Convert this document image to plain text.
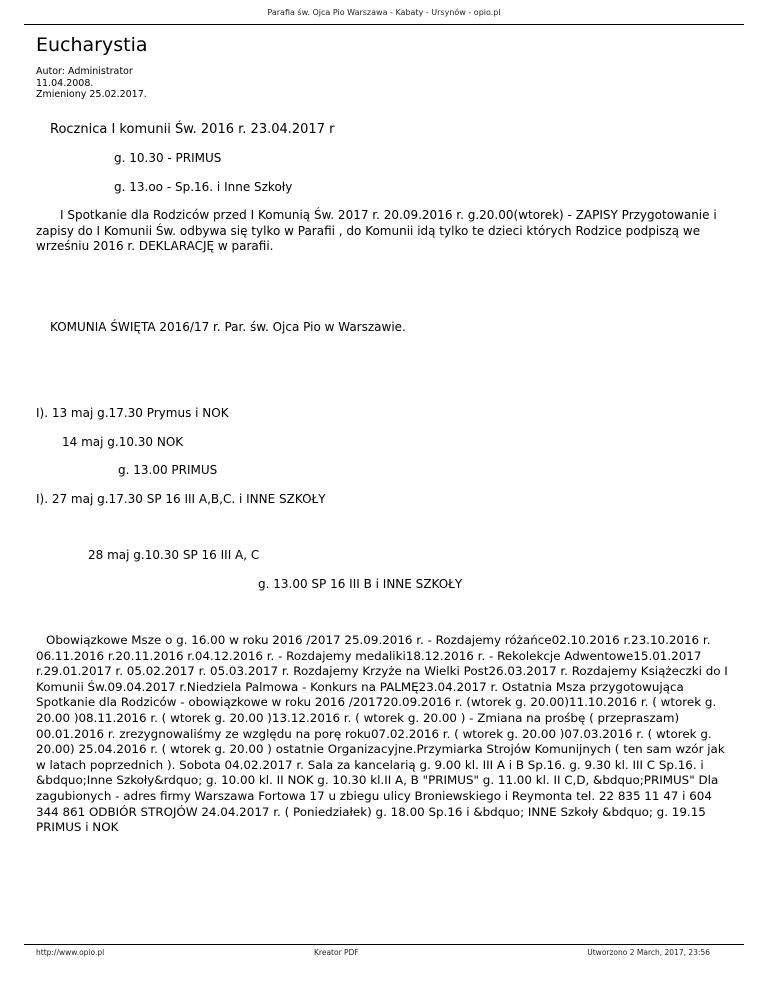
Parafia św. Ojca Pio Warszawa - Kabaty - Ursynów - opio.pl
Eucharystia
Autor: Administrator
11.04.2008.
Zmieniony 25.02.2017.
Rocznica I komunii Św. 2016 r. 23.04.2017 r
g. 10.30 - PRIMUS
g. 13.oo - Sp.16. i Inne Szkoły
I Spotkanie dla Rodziców przed I Komunią Św. 2017 r. 20.09.2016 r. g.20.00(wtorek) - ZAPISY Przygotowanie i zapisy do I Komunii Św. odbywa się tylko w Parafii , do Komunii idą tylko te dzieci których Rodzice podpiszą we wrześniu 2016 r. DEKLARACJĘ w parafii.
KOMUNIA ŚWIĘTA 2016/17 r. Par. św. Ojca Pio w Warszawie.
I). 13 maj g.17.30 Prymus i NOK
14 maj g.10.30 NOK
g. 13.00 PRIMUS
I). 27 maj g.17.30 SP 16 III A,B,C. i INNE SZKOŁY
28 maj g.10.30 SP 16 III A, C
g. 13.00 SP 16 III B i INNE SZKOŁY
Obowiązkowe Msze o g. 16.00 w roku 2016 /2017 25.09.2016 r. - Rozdajemy różańce02.10.2016 r.23.10.2016 r. 06.11.2016 r.20.11.2016 r.04.12.2016 r. - Rozdajemy medaliki18.12.2016 r. - Rekolekcje Adwentowe15.01.2017 r.29.01.2017 r. 05.02.2017 r. 05.03.2017 r. Rozdajemy Krzyże na Wielki Post26.03.2017 r. Rozdajemy Książeczki do I Komunii Św.09.04.2017 r.Niedziela Palmowa - Konkurs na PALMĘ23.04.2017 r. Ostatnia Msza przygotowująca Spotkanie dla Rodziców - obowiązkowe w roku 2016 /201720.09.2016 r. (wtorek g. 20.00)11.10.2016 r. ( wtorek g. 20.00 )08.11.2016 r. ( wtorek g. 20.00 )13.12.2016 r. ( wtorek g. 20.00 ) - Zmiana na prośbę ( przepraszam) 00.01.2016 r. zrezygnowaliśmy ze względu na porę roku07.02.2016 r. ( wtorek g. 20.00 )07.03.2016 r. ( wtorek g. 20.00) 25.04.2016 r. ( wtorek g. 20.00 ) ostatnie Organizacyjne.Przymiarka Strojów Komunijnych ( ten sam wzór jak w latach poprzednich ). Sobota 04.02.2017 r. Sala za kancelarią g. 9.00 kl. III A i B Sp.16. g. 9.30 kl. III C Sp.16. i &bdquo;Inne Szkoły&rdquo; g. 10.00 kl. II NOK g. 10.30 kl.II A, B "PRIMUS" g. 11.00 kl. II C,D, &bdquo;PRIMUS" Dla zagubionych - adres firmy Warszawa Fortowa 17 u zbiegu ulicy Broniewskiego i Reymonta tel. 22 835 11 47 i 604 344 861 ODBIÓR STROJÓW 24.04.2017 r. ( Poniedziałek) g. 18.00 Sp.16 i &bdquo; INNE Szkoły &bdquo; g. 19.15 PRIMUS i NOK
http://www.opio.pl	Kreator PDF	Utworzono 2 March, 2017, 23:56
